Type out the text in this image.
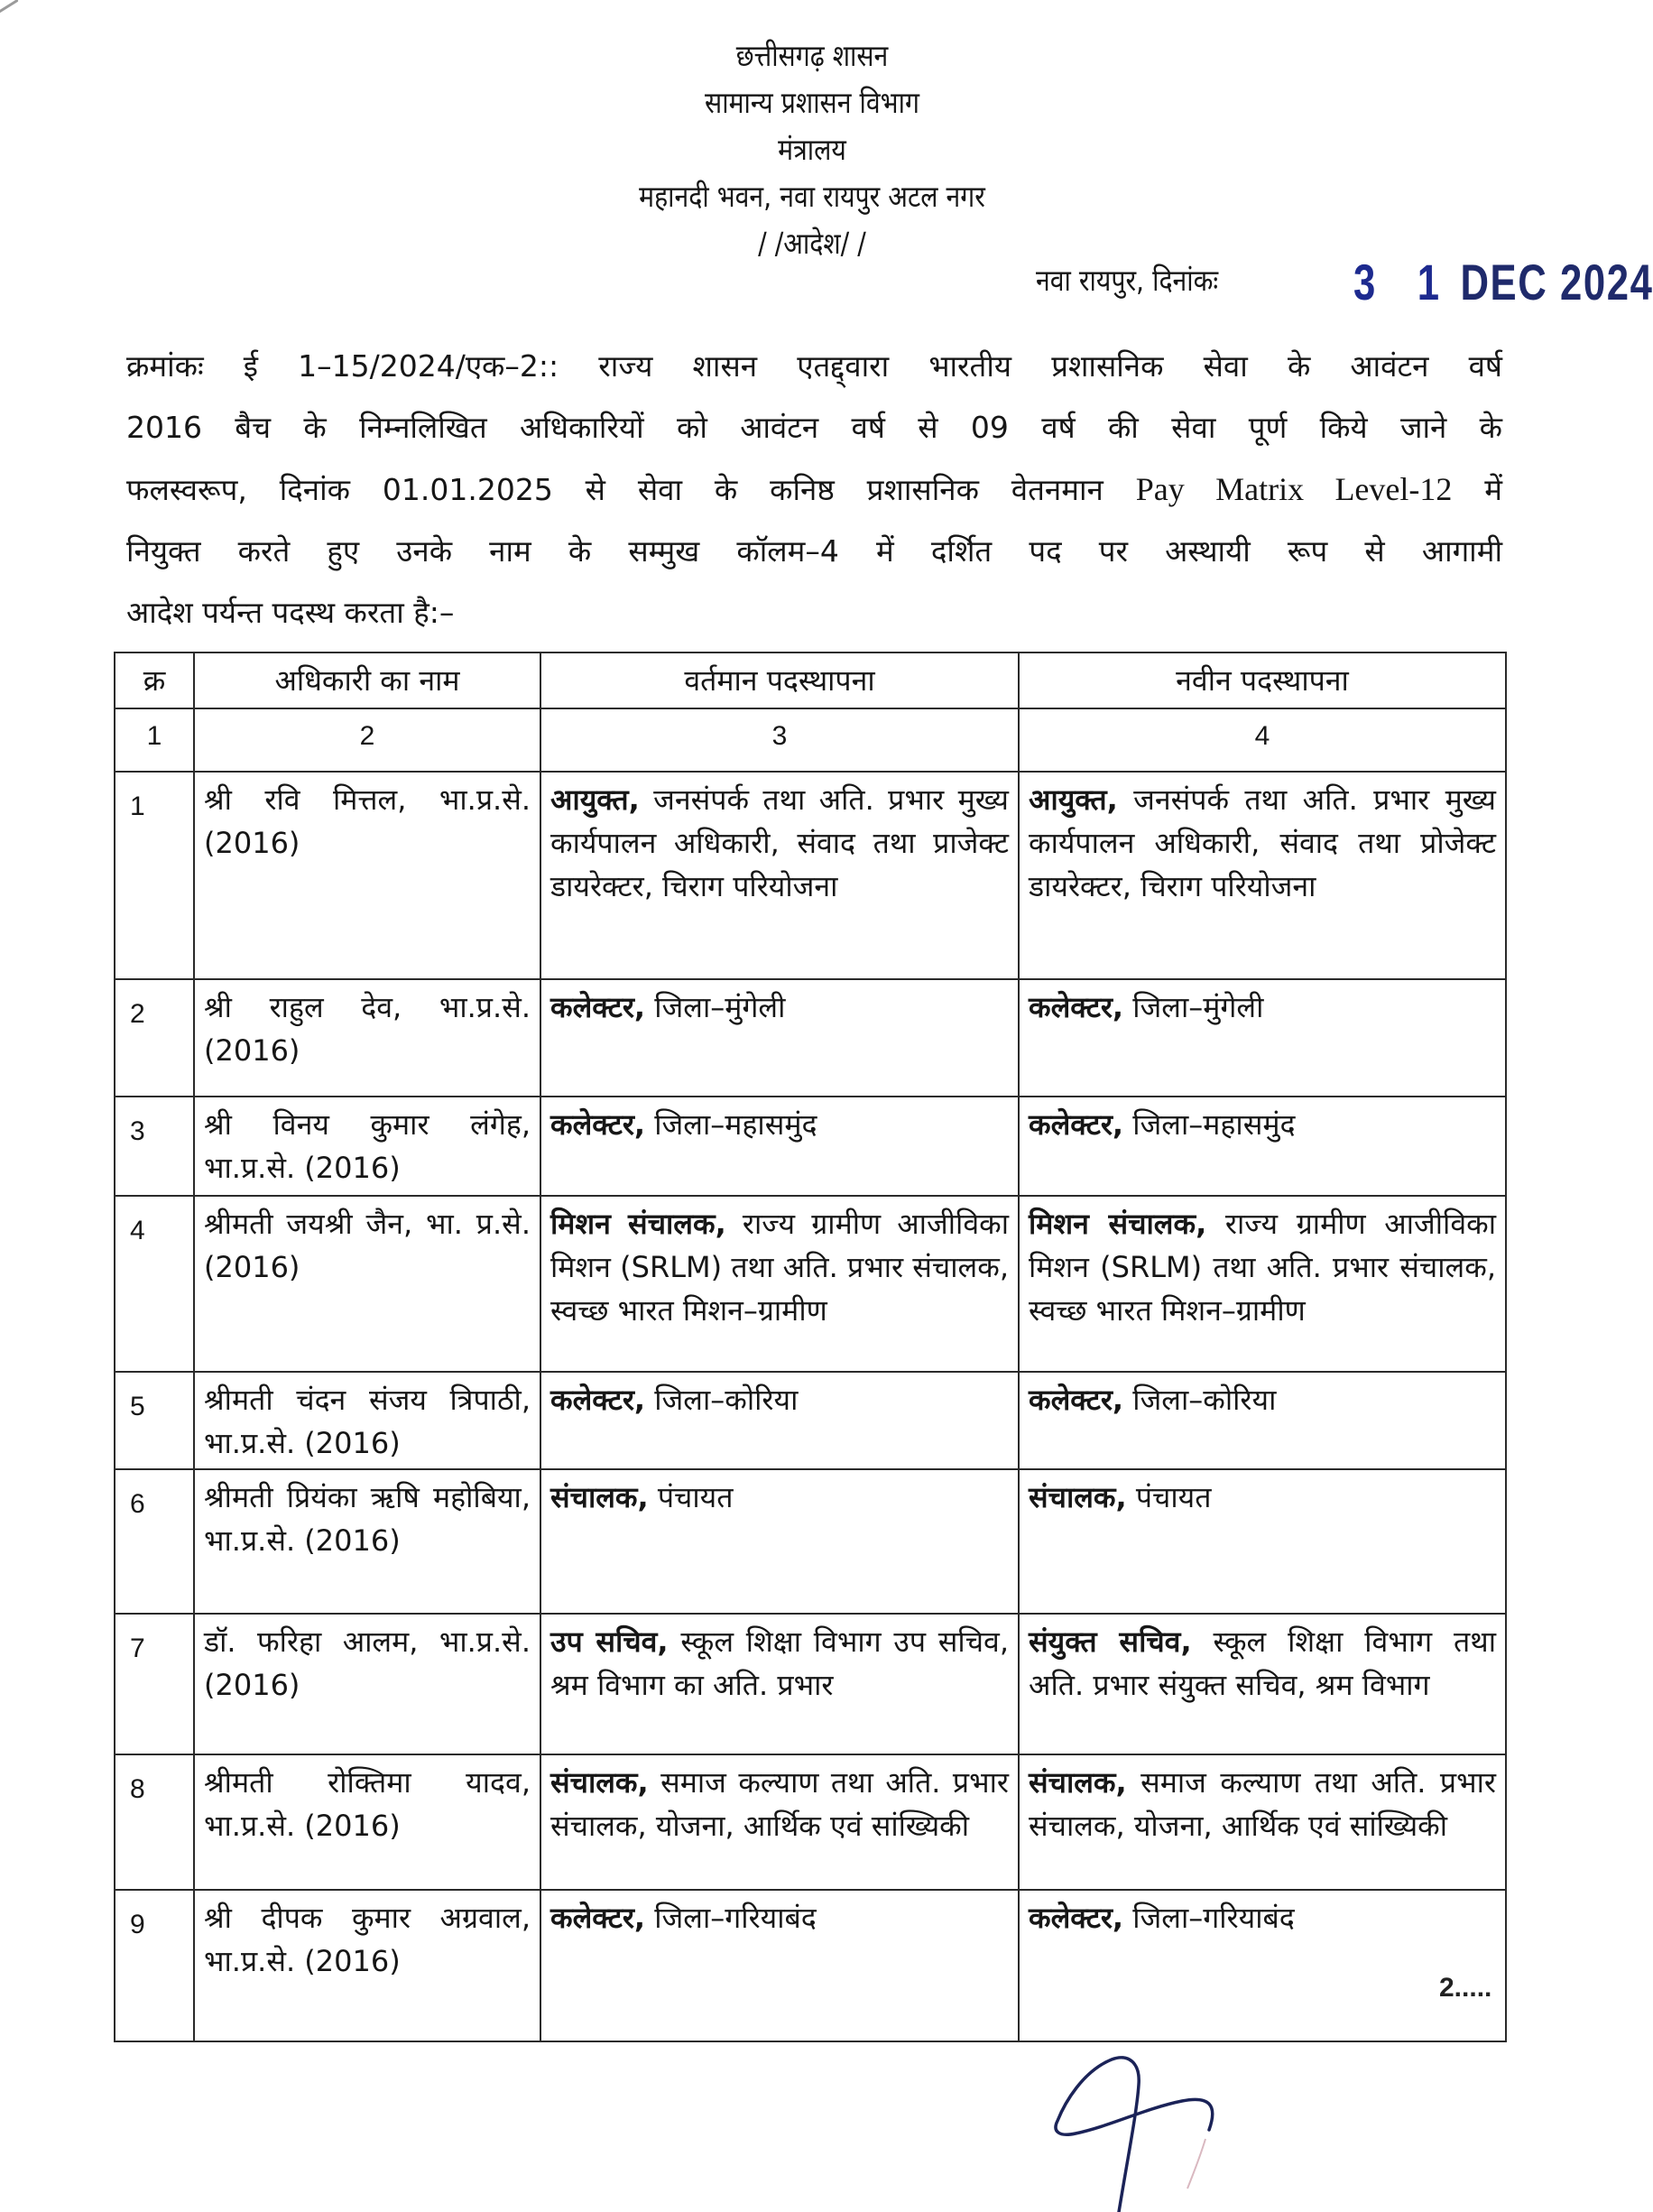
छत्तीसगढ़ शासन
सामान्य प्रशासन विभाग
मंत्रालय
महानदी भवन, नवा रायपुर अटल नगर
/ /आदेश/ /
नवा रायपुर, दिनांकः	3 1 DEC 2024
क्रमांकः ई 1–15/2024/एक–2:: राज्य शासन एतद्द्वारा भारतीय प्रशासनिक सेवा के आवंटन वर्ष
2016 बैच के निम्नलिखित अधिकारियों को आवंटन वर्ष से 09 वर्ष की सेवा पूर्ण किये जाने के
फलस्वरूप, दिनांक 01.01.2025 से सेवा के कनिष्ठ प्रशासनिक वेतनमान Pay Matrix Level-12 में
नियुक्त करते हुए उनके नाम के सम्मुख कॉलम–4 में दर्शित पद पर अस्थायी रूप से आगामी
आदेश पर्यन्त पदस्थ करता है:–
क्र	अधिकारी का नाम	वर्तमान पदस्थापना	नवीन पदस्थापना
1	2	3	4
1	श्री रवि मित्तल, भा.प्र.से. (2016)	आयुक्त, जनसंपर्क तथा अति. प्रभार मुख्य कार्यपालन अधिकारी, संवाद तथा प्राजेक्ट डायरेक्टर, चिराग परियोजना	आयुक्त, जनसंपर्क तथा अति. प्रभार मुख्य कार्यपालन अधिकारी, संवाद तथा प्रोजेक्ट डायरेक्टर, चिराग परियोजना
2	श्री राहुल देव, भा.प्र.से. (2016)	कलेक्टर, जिला–मुंगेली	कलेक्टर, जिला–मुंगेली
3	श्री विनय कुमार लंगेह, भा.प्र.से. (2016)	कलेक्टर, जिला–महासमुंद	कलेक्टर, जिला–महासमुंद
4	श्रीमती जयश्री जैन, भा. प्र.से. (2016)	मिशन संचालक, राज्य ग्रामीण आजीविका मिशन (SRLM) तथा अति. प्रभार संचालक, स्वच्छ भारत मिशन–ग्रामीण	मिशन संचालक, राज्य ग्रामीण आजीविका मिशन (SRLM) तथा अति. प्रभार संचालक, स्वच्छ भारत मिशन–ग्रामीण
5	श्रीमती चंदन संजय त्रिपाठी, भा.प्र.से. (2016)	कलेक्टर, जिला–कोरिया	कलेक्टर, जिला–कोरिया
6	श्रीमती प्रियंका ऋषि महोबिया, भा.प्र.से. (2016)	संचालक, पंचायत	संचालक, पंचायत
7	डॉ. फरिहा आलम, भा.प्र.से. (2016)	उप सचिव, स्कूल शिक्षा विभाग उप सचिव, श्रम विभाग का अति. प्रभार	संयुक्त सचिव, स्कूल शिक्षा विभाग तथा अति. प्रभार संयुक्त सचिव, श्रम विभाग
8	श्रीमती रोक्तिमा यादव, भा.प्र.से. (2016)	संचालक, समाज कल्याण तथा अति. प्रभार संचालक, योजना, आर्थिक एवं सांख्यिकी	संचालक, समाज कल्याण तथा अति. प्रभार संचालक, योजना, आर्थिक एवं सांख्यिकी
9	श्री दीपक कुमार अग्रवाल, भा.प्र.से. (2016)	कलेक्टर, जिला–गरियाबंद	कलेक्टर, जिला–गरियाबंद
2.....
